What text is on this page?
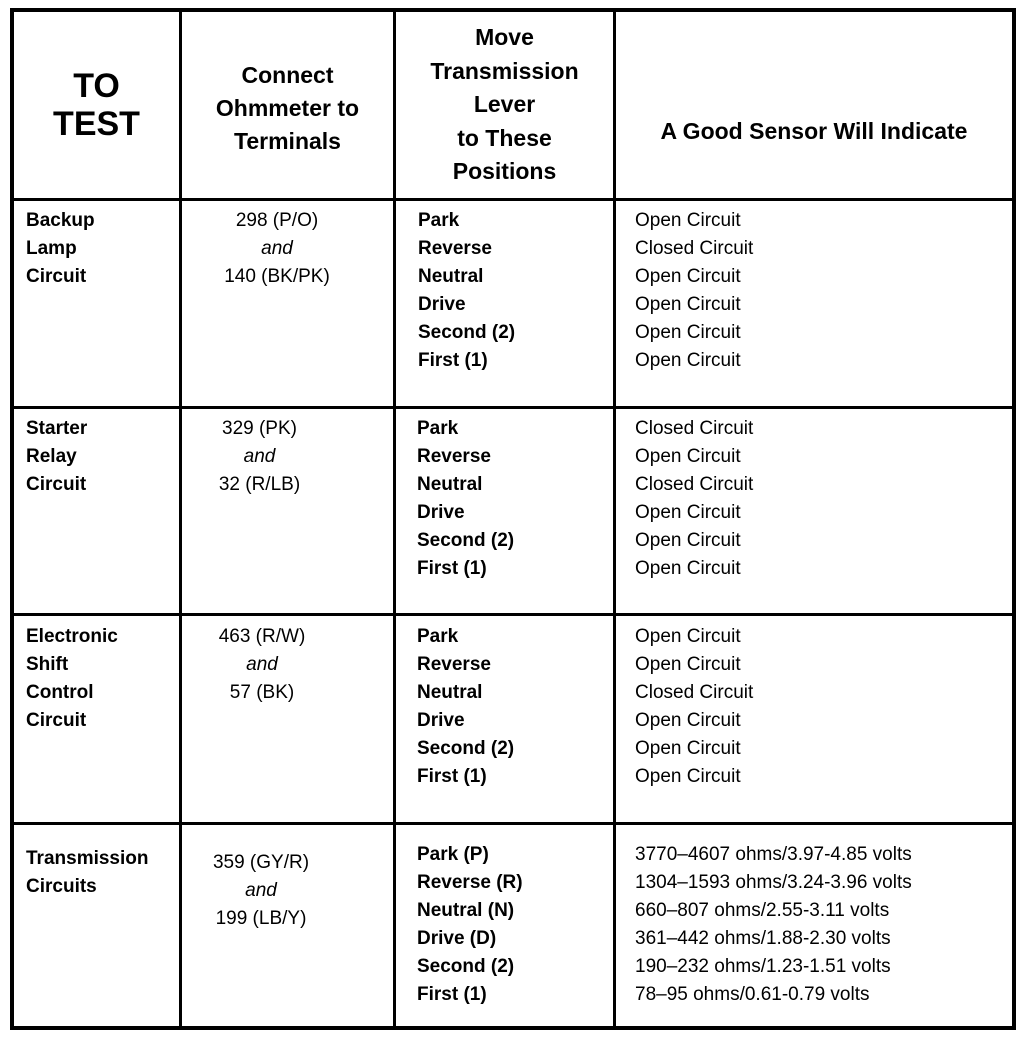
TO
TEST
Connect
Ohmmeter to
Terminals
Move
Transmission
Lever
to These
Positions
A Good Sensor Will Indicate
Backup
Lamp
Circuit
298 (P/O)
and
140 (BK/PK)
Park
Reverse
Neutral
Drive
Second (2)
First (1)
Open Circuit
Closed Circuit
Open Circuit
Open Circuit
Open Circuit
Open Circuit
Starter
Relay
Circuit
329 (PK)
and
32 (R/LB)
Park
Reverse
Neutral
Drive
Second (2)
First (1)
Closed Circuit
Open Circuit
Closed Circuit
Open Circuit
Open Circuit
Open Circuit
Electronic
Shift
Control
Circuit
463 (R/W)
and
57 (BK)
Park
Reverse
Neutral
Drive
Second (2)
First (1)
Open Circuit
Open Circuit
Closed Circuit
Open Circuit
Open Circuit
Open Circuit
Transmission
Circuits
359 (GY/R)
and
199 (LB/Y)
Park (P)
Reverse (R)
Neutral (N)
Drive (D)
Second (2)
First (1)
3770–4607 ohms/3.97-4.85 volts
1304–1593 ohms/3.24-3.96 volts
660–807 ohms/2.55-3.11 volts
361–442 ohms/1.88-2.30 volts
190–232 ohms/1.23-1.51 volts
78–95 ohms/0.61-0.79 volts
